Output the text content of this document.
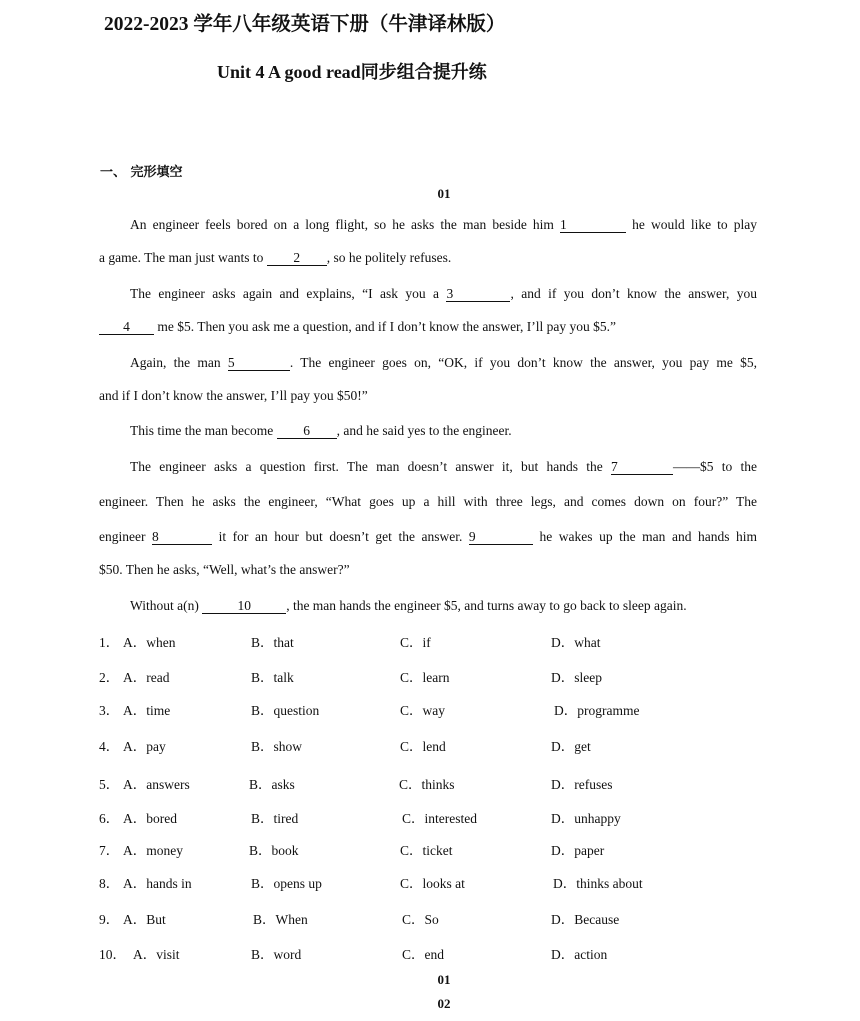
2022-2023 学年八年级英语下册（牛津译林版）
Unit 4 A good read同步组合提升练
一、 完形填空
01
An engineer feels bored on a long flight, so he asks the man beside him 1	he would like to play
a game. The man just wants to 2 , so he politely refuses.
The engineer asks again and explains, “I ask you a 3	, and if you don’t know the answer, you
4 me $5. Then you ask me a question, and if I don’t know the answer, I’ll pay you $5.”
Again, the man 5	. The engineer goes on, “OK, if you don’t know the answer, you pay me $5,
and if I don’t know the answer, I’ll pay you $50!”
This time the man become 6 , and he said yes to the engineer.
The engineer asks a question first. The man doesn’t answer it, but hands the 7	——$5 to the
engineer. Then he asks the engineer, “What goes up a hill with three legs, and comes down on four?” The
engineer 8	it for an hour but doesn’t get the answer. 9	he wakes up the man and hands him
$50. Then he asks, “Well, what’s the answer?”
Without a(n)	10	, the man hands the engineer $5, and turns away to go back to sleep again.
1． A．when	B．that	C．if	D．what
2． A．read	B．talk	C．learn	D．sleep
3． A．time	B．question	C．way	D．programme
4． A．pay	B．show	C．lend	D．get
5． A．answers	B．asks	C．thinks	D．refuses
6． A．bored	B．tired	C．interested	D．unhappy
7． A．money	B．book	C．ticket	D．paper
8． A．hands in	B．opens up	C．looks at	D．thinks about
9． A．But	B．When	C．So	D．Because
10． A．visit	B．word	C．end	D．action
01
02
